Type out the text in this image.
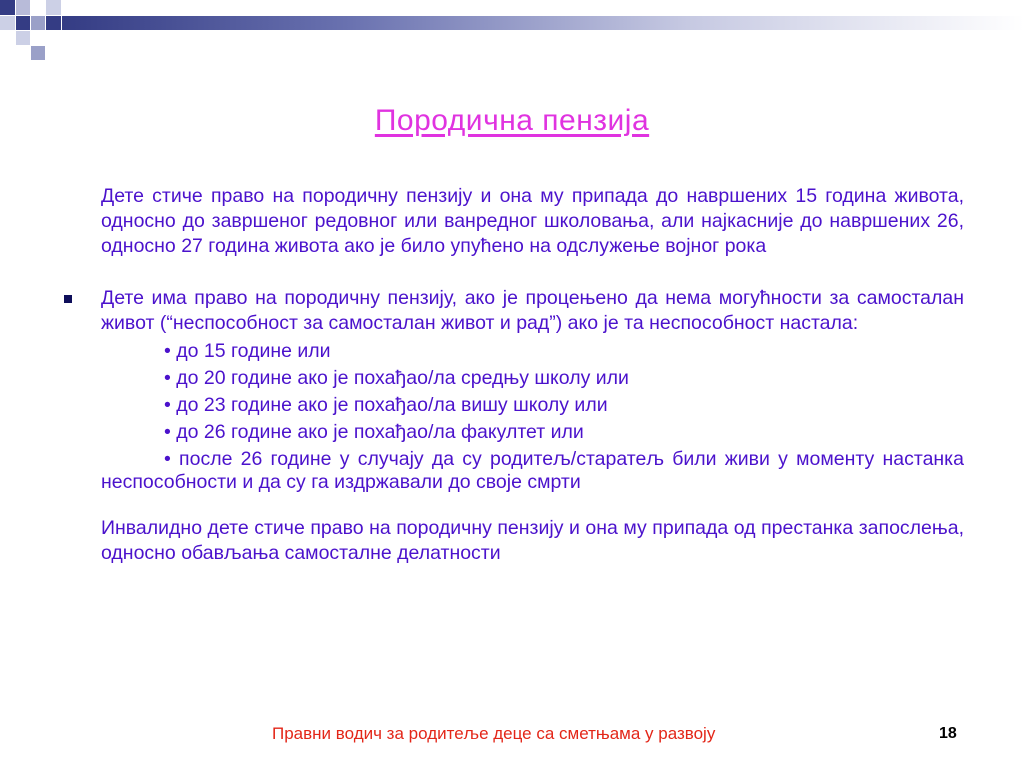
Породична пензија

Дете стиче право на породичну пензију и она му припада до навршених 15 година живота, односно до завршеног редовног или ванредног школовања, али најкасније до навршених 26, односно 27 година живота ако је било упућено на одслужење војног рока

Дете има право на породичну пензију, ако је процењено да нема могућности за самосталан живот (“неспособност за самосталан живот и рад”) ако је та неспособност настала:
• до 15 године или
• до 20 године ако је похађао/ла средњу школу или
• до 23 године ако је похађао/ла вишу школу или
• до 26 године ако је похађао/ла факултет или
• после 26 године у случају да су родитељ/старатељ били живи у моменту настанка неспособности и да су га издржавали до своје смрти

Инвалидно дете стиче право на породичну пензију и она му припада од престанка запослења, односно обављања самосталне делатности

Правни водич за родитеље деце са сметњама у развоју	18
